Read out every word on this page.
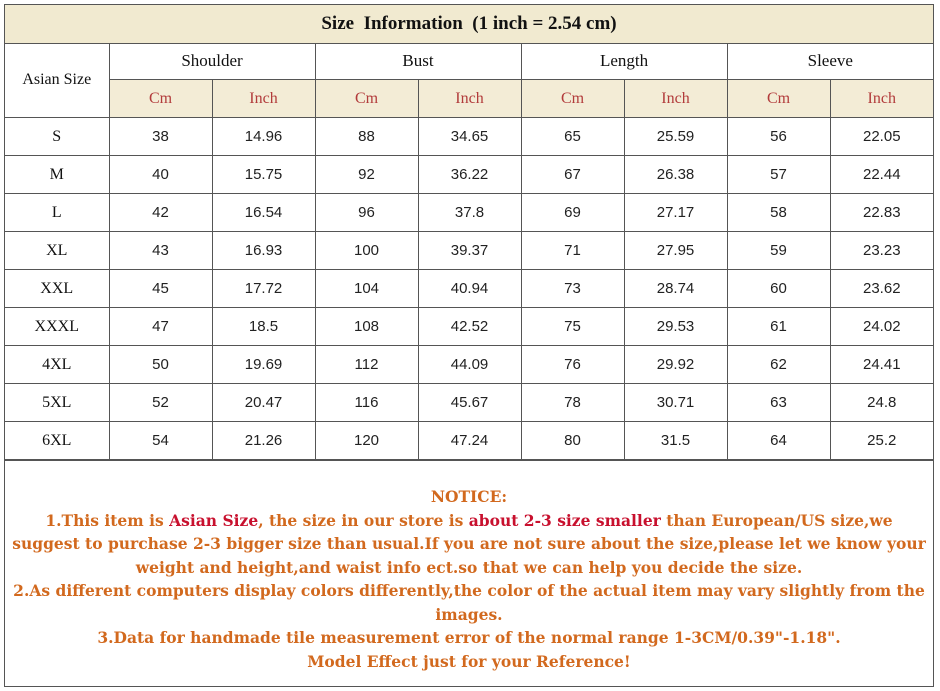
Size  Information  (1 inch = 2.54 cm)
Asian Size	Shoulder		Bust		Length		Sleeve	
	Cm	Inch	Cm	Inch	Cm	Inch	Cm	Inch
S	38	14.96	88	34.65	65	25.59	56	22.05
M	40	15.75	92	36.22	67	26.38	57	22.44
L	42	16.54	96	37.8	69	27.17	58	22.83
XL	43	16.93	100	39.37	71	27.95	59	23.23
XXL	45	17.72	104	40.94	73	28.74	60	23.62
XXXL	47	18.5	108	42.52	75	29.53	61	24.02
4XL	50	19.69	112	44.09	76	29.92	62	24.41
5XL	52	20.47	116	45.67	78	30.71	63	24.8
6XL	54	21.26	120	47.24	80	31.5	64	25.2

NOTICE:

1.This item is Asian Size, the size in our store is about 2-3 size smaller than European/US size,we suggest to purchase 2-3 bigger size than usual.If you are not sure about the size,please let we know your weight and height,and waist info ect.so that we can help you decide the size.

2.As different computers display colors differently,the color of the actual item may vary slightly from the images.

3.Data for handmade tile measurement error of the normal range 1-3CM/0.39"-1.18".

Model Effect just for your Reference!
